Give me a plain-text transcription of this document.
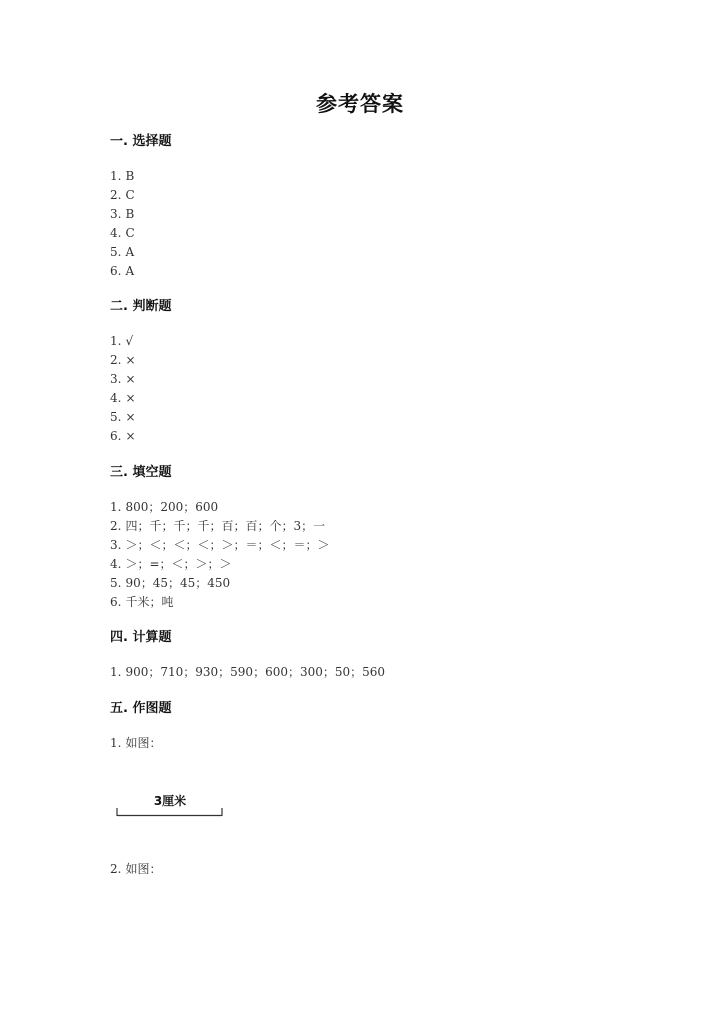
参考答案
一. 选择题
1. B
2. C
3. B
4. C
5. A
6. A
二. 判断题
1. √
2. ×
3. ×
4. ×
5. ×
6. ×
三. 填空题
1. 800；200；600
2. 四；千；千；千；百；百；个；3；一
3. ＞；＜；＜；＜；＞；＝；＜；＝；＞
4. ＞；=；＜；＞；＞
5. 90；45；45；450
6. 千米；吨
四. 计算题
1. 900；710；930；590；600；300；50；560
五. 作图题
1. 如图：
3厘米
2. 如图：
